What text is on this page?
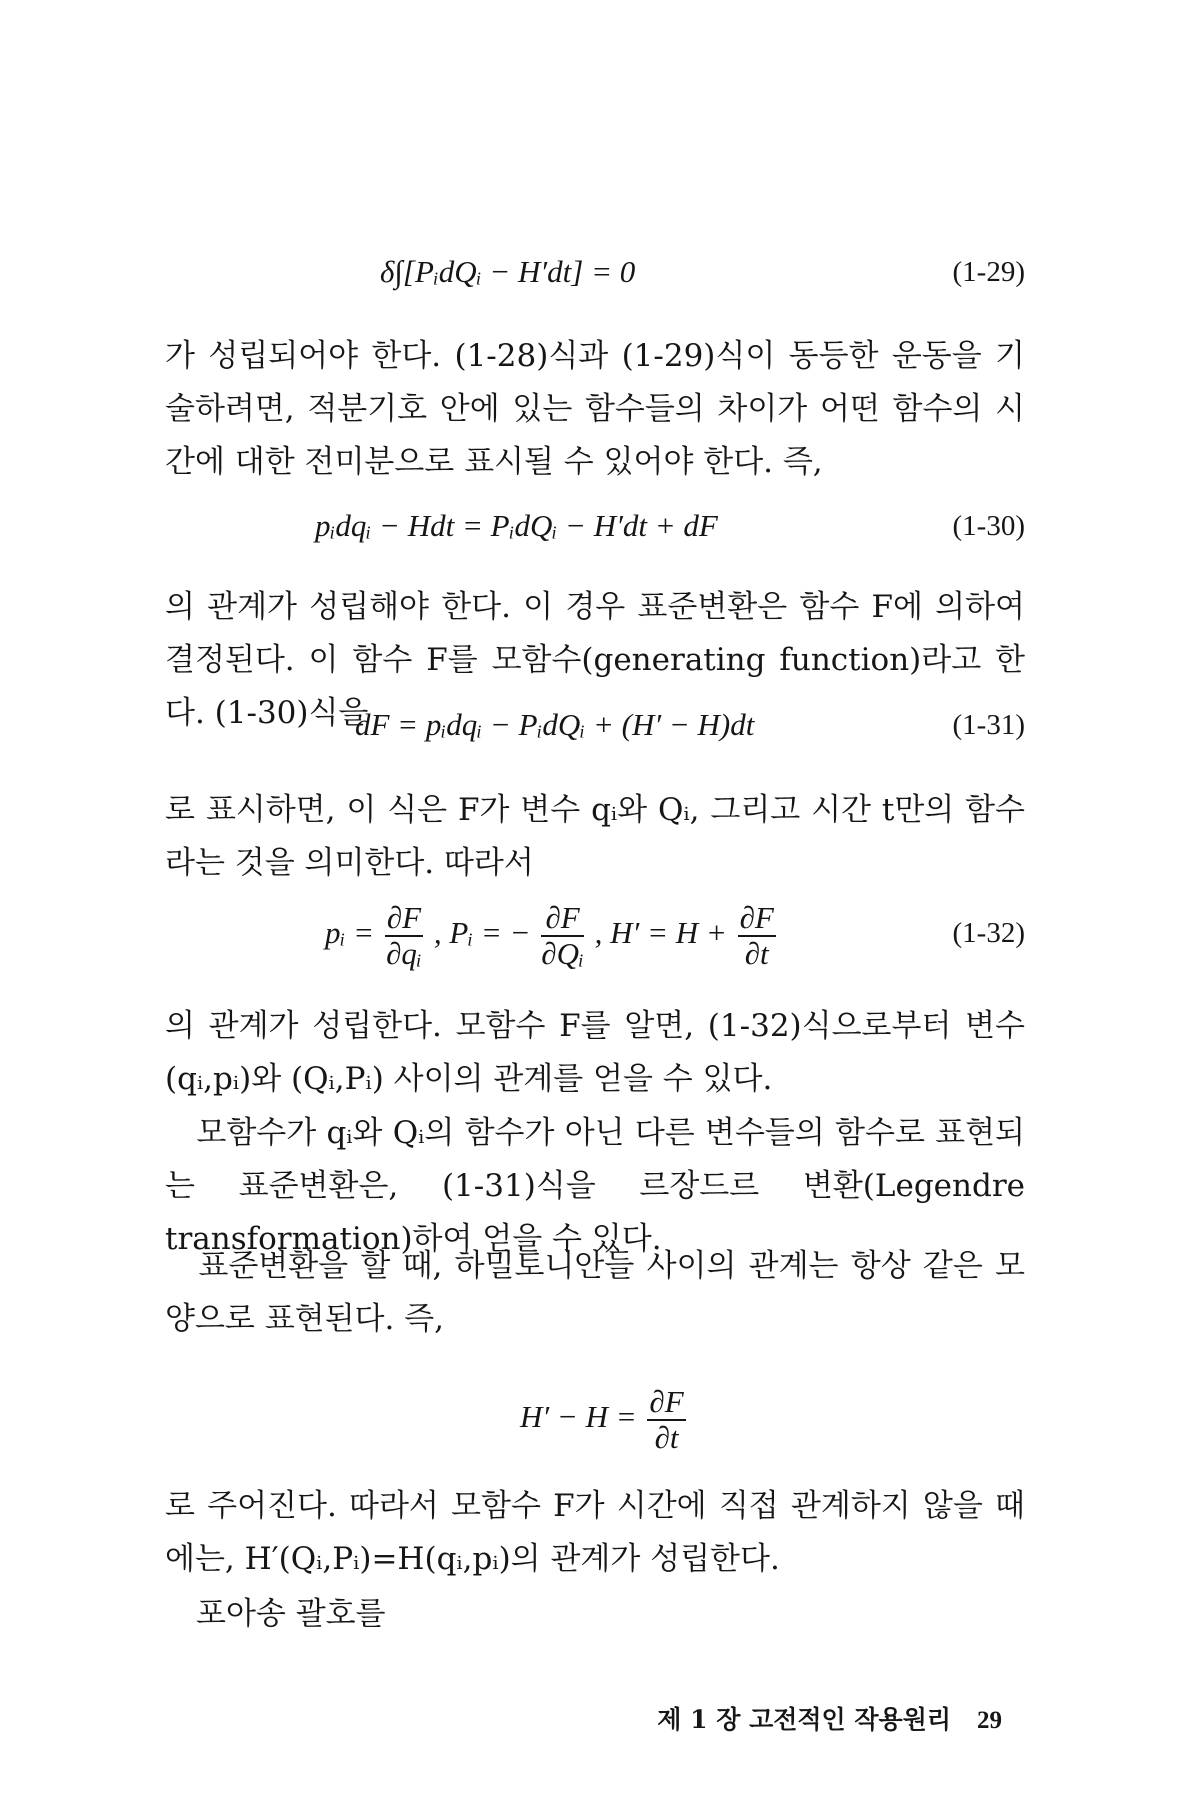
δ∫[PᵢdQᵢ − H′dt] = 0	(1-29)

가 성립되어야 한다. (1-28)식과 (1-29)식이 동등한 운동을 기술하려면, 적분기호 안에 있는 함수들의 차이가 어떤 함수의 시간에 대한 전미분으로 표시될 수 있어야 한다. 즉,

pᵢdqᵢ − Hdt = PᵢdQᵢ − H′dt + dF	(1-30)

의 관계가 성립해야 한다. 이 경우 표준변환은 함수 F에 의하여 결정된다. 이 함수 F를 모함수(generating function)라고 한다. (1-30)식을

dF = pᵢdqᵢ − PᵢdQᵢ + (H′ − H)dt	(1-31)

로 표시하면, 이 식은 F가 변수 qᵢ와 Qᵢ, 그리고 시간 t만의 함수라는 것을 의미한다. 따라서

pᵢ = $\frac{\partial F}{\text{∂qᵢ}}$ , Pᵢ = − $\frac{\partial F}{\text{∂Qᵢ}}$ , $H' = H + \frac{\partial F}{\partial t}$	(1-32)

의 관계가 성립한다. 모함수 F를 알면, (1-32)식으로부터 변수 (qᵢ,pᵢ)와 (Qᵢ,Pᵢ) 사이의 관계를 얻을 수 있다.

　모함수가 qᵢ와 Qᵢ의 함수가 아닌 다른 변수들의 함수로 표현되는 표준변환은, (1-31)식을 르장드르 변환(Legendre transformation)하여 얻을 수 있다.

　표준변환을 할 때, 하밀토니안들 사이의 관계는 항상 같은 모양으로 표현된다. 즉,

$H' - H = \frac{\partial F}{\partial t}$

로 주어진다. 따라서 모함수 F가 시간에 직접 관계하지 않을 때에는, H′(Qᵢ,Pᵢ)=H(qᵢ,pᵢ)의 관계가 성립한다.

　포아송 괄호를

제 1 장 고전적인 작용원리 29
